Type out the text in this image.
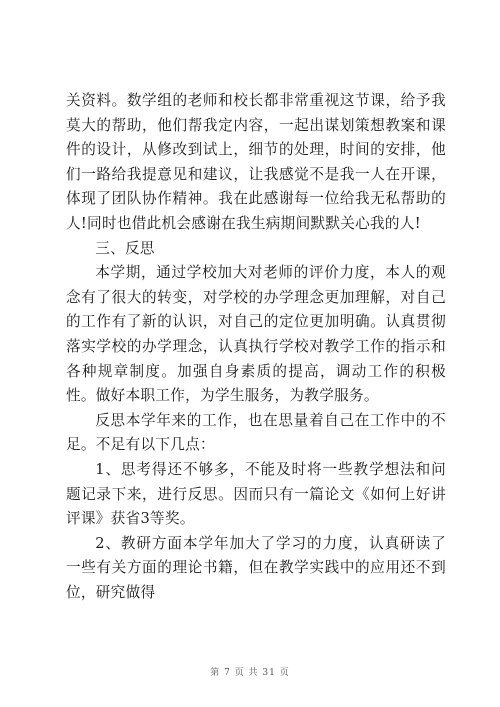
关资料。数学组的老师和校长都非常重视这节课，给予我莫大的帮助，他们帮我定内容，一起出谋划策想教案和课件的设计，从修改到试上，细节的处理，时间的安排，他们一路给我提意见和建议，让我感觉不是我一人在开课，体现了团队协作精神。我在此感谢每一位给我无私帮助的人!同时也借此机会感谢在我生病期间默默关心我的人!

三、反思

本学期，通过学校加大对老师的评价力度，本人的观念有了很大的转变，对学校的办学理念更加理解，对自己的工作有了新的认识，对自己的定位更加明确。认真贯彻落实学校的办学理念，认真执行学校对教学工作的指示和各种规章制度。加强自身素质的提高，调动工作的积极性。做好本职工作，为学生服务，为教学服务。

反思本学年来的工作，也在思量着自己在工作中的不足。不足有以下几点：

1、思考得还不够多，不能及时将一些教学想法和问题记录下来，进行反思。因而只有一篇论文《如何上好讲评课》获省3等奖。

2、教研方面本学年加大了学习的力度，认真研读了一些有关方面的理论书籍，但在教学实践中的应用还不到位，研究做得

第 7 页 共 31 页
